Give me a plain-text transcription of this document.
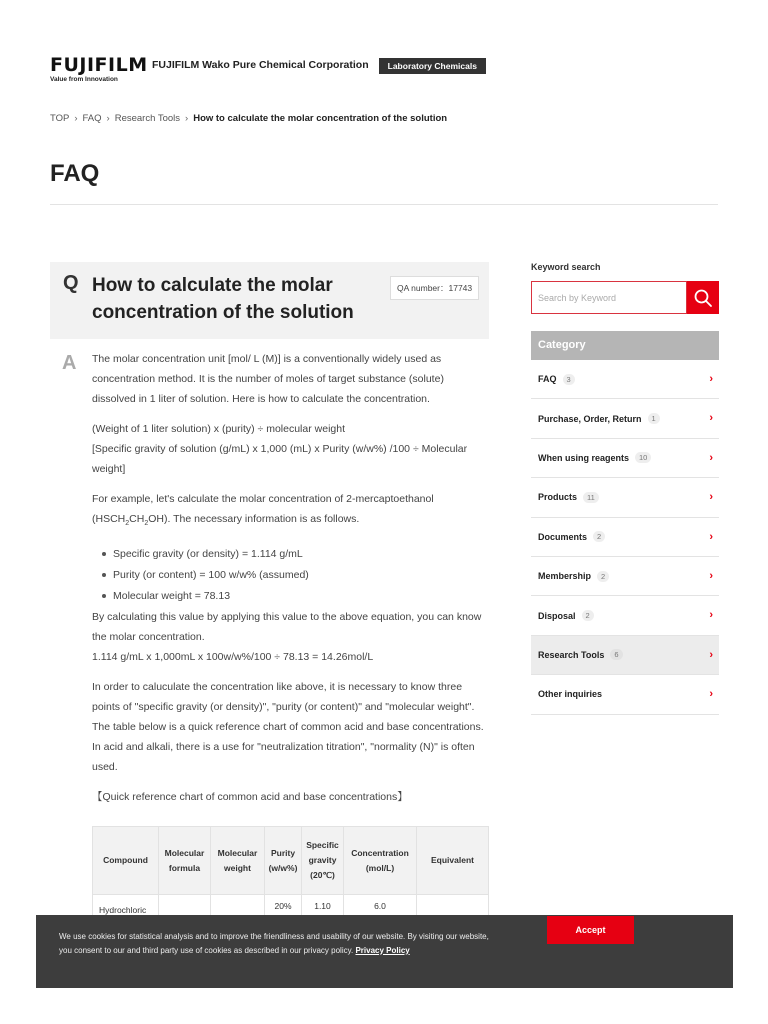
FUJIFILM
Value from Innovation
FUJIFILM Wako Pure Chemical Corporation	Laboratory Chemicals
TOP › FAQ › Research Tools › How to calculate the molar concentration of the solution
FAQ
Q How to calculate the molar concentration of the solution
QA number：17743
A The molar concentration unit [mol/ L (M)] is a conventionally widely used as concentration method. It is the number of moles of target substance (solute) dissolved in 1 liter of solution. Here is how to calculate the concentration.

(Weight of 1 liter solution) x (purity) ÷ molecular weight
[Specific gravity of solution (g/mL) x 1,000 (mL) x Purity (w/w%) /100 ÷ Molecular weight]

For example, let's calculate the molar concentration of 2-mercaptoethanol
$(HSCH_2CH_2OH)$. The necessary information is as follows.

Specific gravity (or density) = 1.114 g/mL
Purity (or content) = 100 w/w% (assumed)
Molecular weight = 78.13

By calculating this value by applying this value to the above equation, you can know the molar concentration.
1.114 g/mL x 1,000mL x 100w/w%/100 ÷ 78.13 = 14.26mol/L

In order to caluculate the concentration like above, it is necessary to know three points of "specific gravity (or density)", "purity (or content)" and "molecular weight". The table below is a quick reference chart of common acid and base concentrations. In acid and alkali, there is a use for "neutralization titration", "normality (N)" is often used.

【Quick reference chart of common acid and base concentrations】

Compound	Molecular formula	Molecular weight	Purity (w/w%)	Specific gravity (20℃)	Concentration (mol/L)	Equivalent
Hydrochloric			20%	1.10	6.0	
Keyword search
Search by Keyword
Category
FAQ	3	›
Purchase, Order, Return	1	›
When using reagents	10	›
Products	11	›
Documents	2	›
Membership	2	›
Disposal	2	›
Research Tools	6	›
Other inquiries	›
We use cookies for statistical analysis and to improve the friendliness and usability of our website. By visiting our website, you consent to our and third party use of cookies as described in our privacy policy. Privacy Policy
Accept
